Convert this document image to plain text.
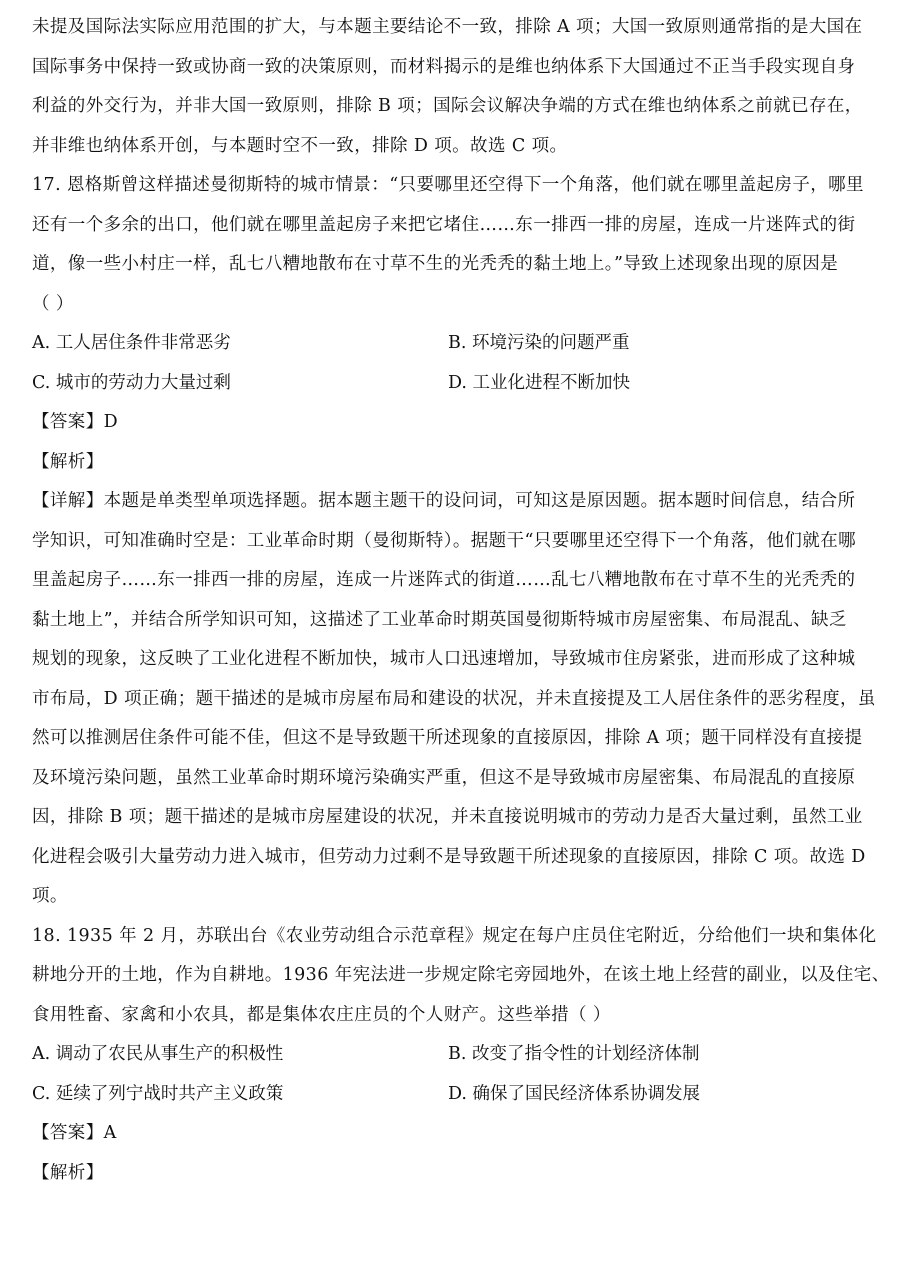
未提及国际法实际应用范围的扩大，与本题主要结论不一致，排除 A 项；大国一致原则通常指的是大国在
国际事务中保持一致或协商一致的决策原则，而材料揭示的是维也纳体系下大国通过不正当手段实现自身
利益的外交行为，并非大国一致原则，排除 B 项；国际会议解决争端的方式在维也纳体系之前就已存在，
并非维也纳体系开创，与本题时空不一致，排除 D 项。故选 C 项。
17. 恩格斯曾这样描述曼彻斯特的城市情景：“只要哪里还空得下一个角落，他们就在哪里盖起房子，哪里
还有一个多余的出口，他们就在哪里盖起房子来把它堵住……东一排西一排的房屋，连成一片迷阵式的街
道，像一些小村庄一样，乱七八糟地散布在寸草不生的光秃秃的黏土地上。”导致上述现象出现的原因是
（ ）
A. 工人居住条件非常恶劣	B. 环境污染的问题严重
C. 城市的劳动力大量过剩	D. 工业化进程不断加快
【答案】D
【解析】
【详解】本题是单类型单项选择题。据本题主题干的设问词，可知这是原因题。据本题时间信息，结合所
学知识，可知准确时空是：工业革命时期（曼彻斯特）。据题干“只要哪里还空得下一个角落，他们就在哪
里盖起房子……东一排西一排的房屋，连成一片迷阵式的街道……乱七八糟地散布在寸草不生的光秃秃的
黏土地上”，并结合所学知识可知，这描述了工业革命时期英国曼彻斯特城市房屋密集、布局混乱、缺乏
规划的现象，这反映了工业化进程不断加快，城市人口迅速增加，导致城市住房紧张，进而形成了这种城
市布局，D 项正确；题干描述的是城市房屋布局和建设的状况，并未直接提及工人居住条件的恶劣程度，虽
然可以推测居住条件可能不佳，但这不是导致题干所述现象的直接原因，排除 A 项；题干同样没有直接提
及环境污染问题，虽然工业革命时期环境污染确实严重，但这不是导致城市房屋密集、布局混乱的直接原
因，排除 B 项；题干描述的是城市房屋建设的状况，并未直接说明城市的劳动力是否大量过剩，虽然工业
化进程会吸引大量劳动力进入城市，但劳动力过剩不是导致题干所述现象的直接原因，排除 C 项。故选 D
项。
18. 1935 年 2 月，苏联出台《农业劳动组合示范章程》规定在每户庄员住宅附近，分给他们一块和集体化
耕地分开的土地，作为自耕地。1936 年宪法进一步规定除宅旁园地外，在该土地上经营的副业，以及住宅、
食用牲畜、家禽和小农具，都是集体农庄庄员的个人财产。这些举措（ ）
A. 调动了农民从事生产的积极性	B. 改变了指令性的计划经济体制
C. 延续了列宁战时共产主义政策	D. 确保了国民经济体系协调发展
【答案】A
【解析】
